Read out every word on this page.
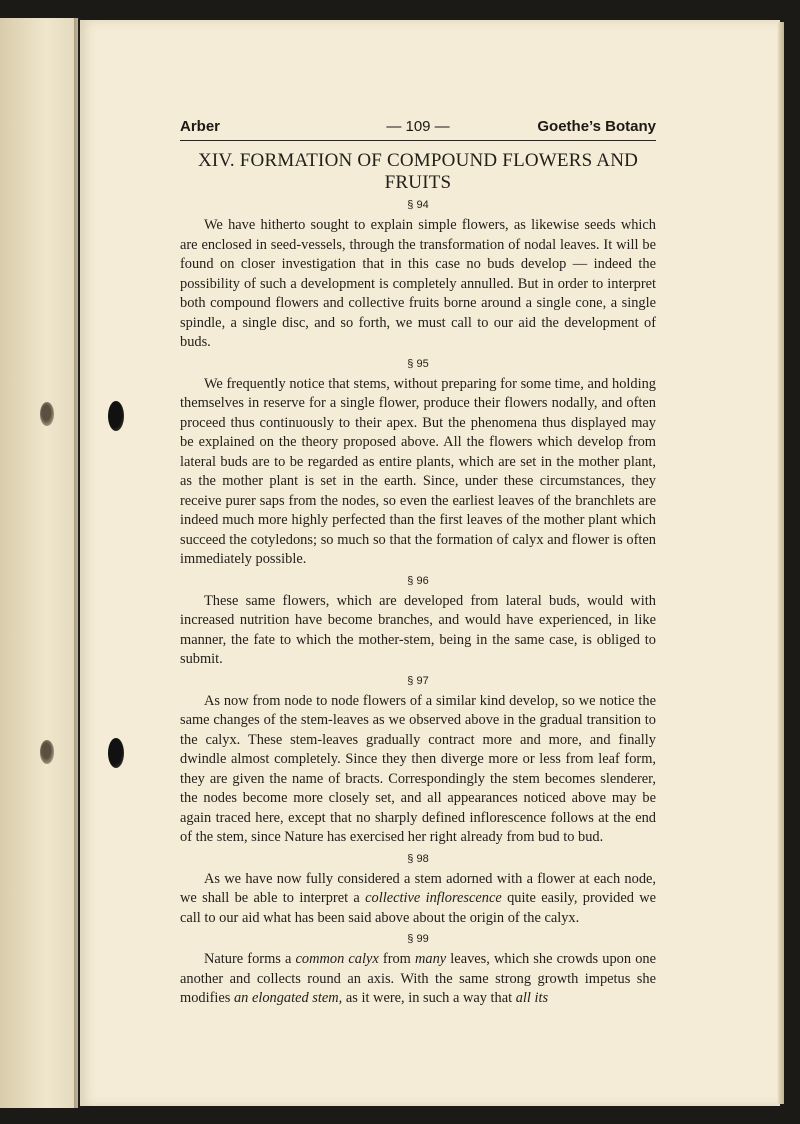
Arber	— 109 —	Goethe’s Botany
XIV. FORMATION OF COMPOUND FLOWERS AND FRUITS
§ 94

We have hitherto sought to explain simple flowers, as likewise seeds which are enclosed in seed-vessels, through the transformation of nodal leaves. It will be found on closer investigation that in this case no buds develop — indeed the possibility of such a development is completely annulled. But in order to interpret both compound flowers and collective fruits borne around a single cone, a single spindle, a single disc, and so forth, we must call to our aid the development of buds.

§ 95

We frequently notice that stems, without preparing for some time, and holding themselves in reserve for a single flower, produce their flowers nodally, and often proceed thus continuously to their apex. But the phenomena thus displayed may be explained on the theory proposed above. All the flowers which develop from lateral buds are to be regarded as entire plants, which are set in the mother plant, as the mother plant is set in the earth. Since, under these circumstances, they receive purer saps from the nodes, so even the earliest leaves of the branchlets are indeed much more highly perfected than the first leaves of the mother plant which succeed the cotyledons; so much so that the formation of calyx and flower is often immediately possible.

§ 96

These same flowers, which are developed from lateral buds, would with increased nutrition have become branches, and would have experienced, in like manner, the fate to which the mother-stem, being in the same case, is obliged to submit.

§ 97

As now from node to node flowers of a similar kind develop, so we notice the same changes of the stem-leaves as we observed above in the gradual transition to the calyx. These stem-leaves gradually contract more and more, and finally dwindle almost completely. Since they then diverge more or less from leaf form, they are given the name of bracts. Correspondingly the stem becomes slenderer, the nodes become more closely set, and all appearances noticed above may be again traced here, except that no sharply defined inflorescence follows at the end of the stem, since Nature has exercised her right already from bud to bud.

§ 98

As we have now fully considered a stem adorned with a flower at each node, we shall be able to interpret a collective inflorescence quite easily, provided we call to our aid what has been said above about the origin of the calyx.

§ 99

Nature forms a common calyx from many leaves, which she crowds upon one another and collects round an axis. With the same strong growth impetus she modifies an elongated stem, as it were, in such a way that all its
